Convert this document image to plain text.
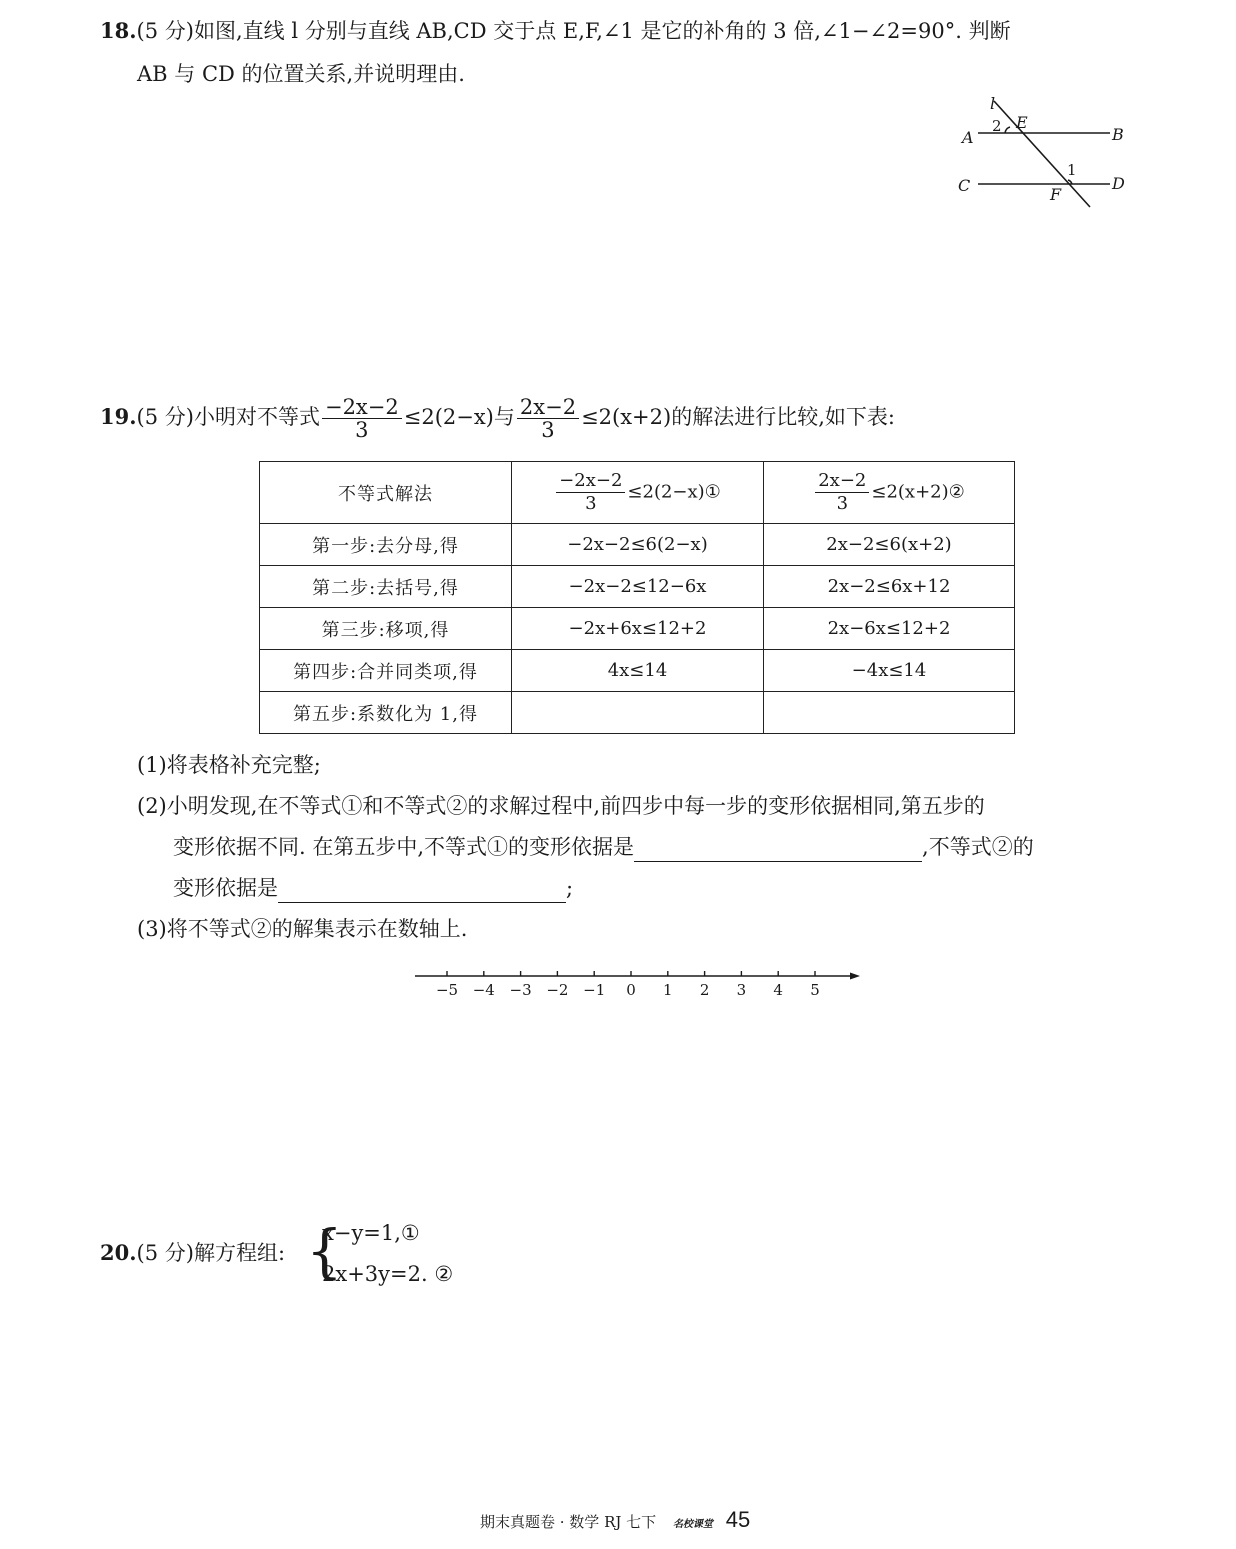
18.(5 分)如图,直线 l 分别与直线 AB,CD 交于点 E,F,∠1 是它的补角的 3 倍,∠1−∠2=90°. 判断
AB 与 CD 的位置关系,并说明理由.
l
A	B
C	D
E
F
2
1
19.(5 分)小明对不等式 $\frac{-2x-2}{3} \le 2(2-x)$与 $\frac{2x-2}{3} \le 2(x+2)$的解法进行比较,如下表:
不等式解法	$\frac{-2x-2}{3}$ ≤2(2−x)①	$\frac{2x-2}{3}$ ≤2(x+2)②
第一步:去分母,得	−2x−2≤6(2−x)	2x−2≤6(x+2)
第二步:去括号,得	−2x−2≤12−6x	2x−2≤6x+12
第三步:移项,得	−2x+6x≤12+2	2x−6x≤12+2
第四步:合并同类项,得	4x≤14	−4x≤14
第五步:系数化为 1,得		
(1)将表格补充完整;
(2)小明发现,在不等式①和不等式②的求解过程中,前四步中每一步的变形依据相同,第五步的
变形依据不同. 在第五步中,不等式①的变形依据是	,不等式②的
变形依据是	;
(3)将不等式②的解集表示在数轴上.
−5 −4 −3 −2 −1 0 1 2 3 4 5
20.(5 分)解方程组: {
x−y=1,①
2x+3y=2. ②
期末真题卷 · 数学 RJ 七下 名校课堂 45
